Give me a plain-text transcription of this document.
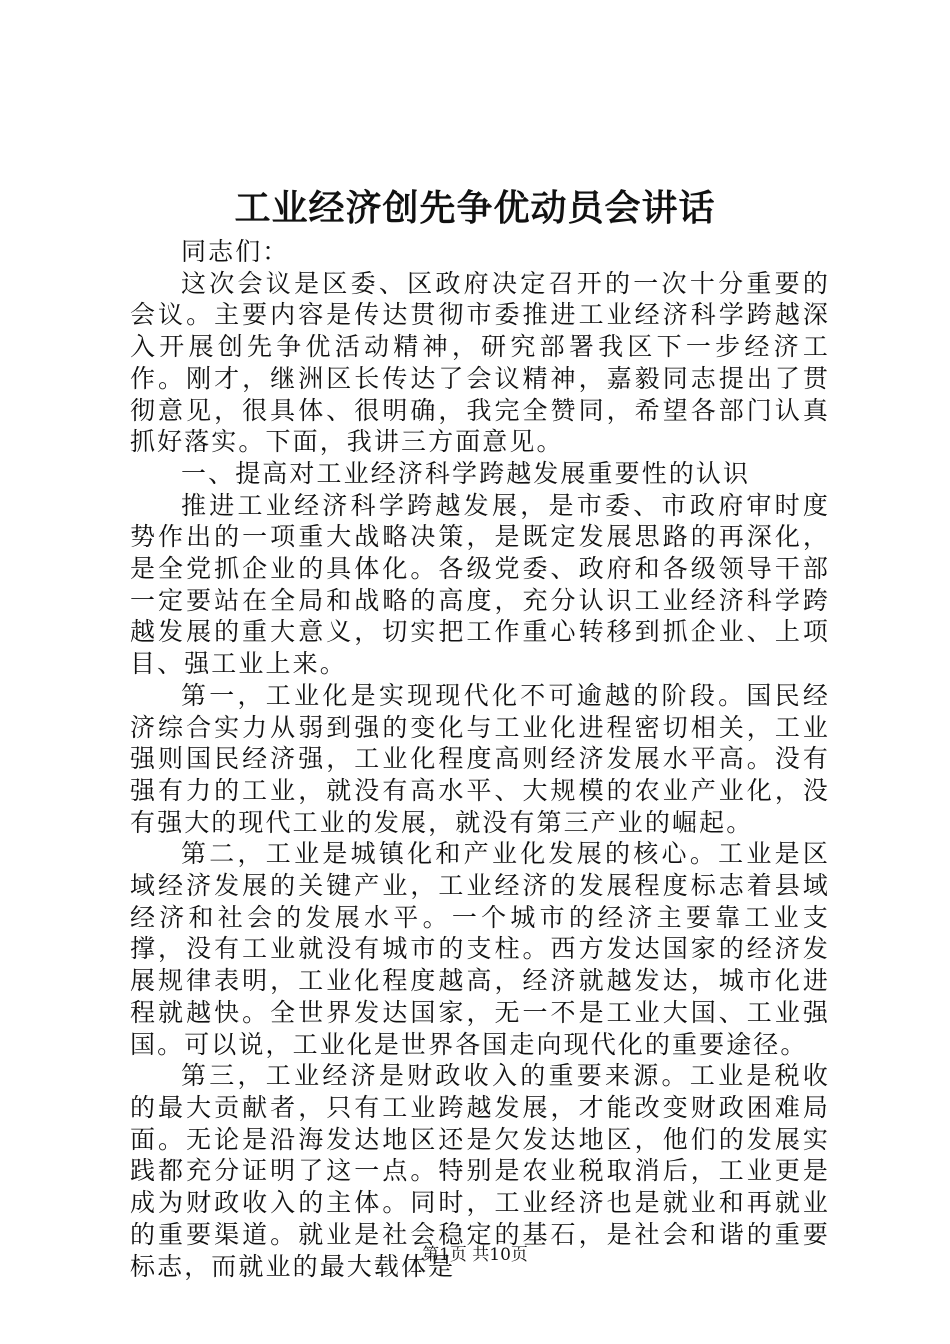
工业经济创先争优动员会讲话

同志们：

这次会议是区委、区政府决定召开的一次十分重要的会议。主要内容是传达贯彻市委推进工业经济科学跨越深入开展创先争优活动精神，研究部署我区下一步经济工作。刚才，继洲区长传达了会议精神，嘉毅同志提出了贯彻意见，很具体、很明确，我完全赞同，希望各部门认真抓好落实。下面，我讲三方面意见。

一、提高对工业经济科学跨越发展重要性的认识

推进工业经济科学跨越发展，是市委、市政府审时度势作出的一项重大战略决策，是既定发展思路的再深化，是全党抓企业的具体化。各级党委、政府和各级领导干部一定要站在全局和战略的高度，充分认识工业经济科学跨越发展的重大意义，切实把工作重心转移到抓企业、上项目、强工业上来。

第一，工业化是实现现代化不可逾越的阶段。国民经济综合实力从弱到强的变化与工业化进程密切相关，工业强则国民经济强，工业化程度高则经济发展水平高。没有强有力的工业，就没有高水平、大规模的农业产业化，没有强大的现代工业的发展，就没有第三产业的崛起。

第二，工业是城镇化和产业化发展的核心。工业是区域经济发展的关键产业，工业经济的发展程度标志着县域经济和社会的发展水平。一个城市的经济主要靠工业支撑，没有工业就没有城市的支柱。西方发达国家的经济发展规律表明，工业化程度越高，经济就越发达，城市化进程就越快。全世界发达国家，无一不是工业大国、工业强国。可以说，工业化是世界各国走向现代化的重要途径。

第三，工业经济是财政收入的重要来源。工业是税收的最大贡献者，只有工业跨越发展，才能改变财政困难局面。无论是沿海发达地区还是欠发达地区，他们的发展实践都充分证明了这一点。特别是农业税取消后，工业更是成为财政收入的主体。同时，工业经济也是就业和再就业的重要渠道。就业是社会稳定的基石，是社会和谐的重要标志，而就业的最大载体是

第1页 共10页
